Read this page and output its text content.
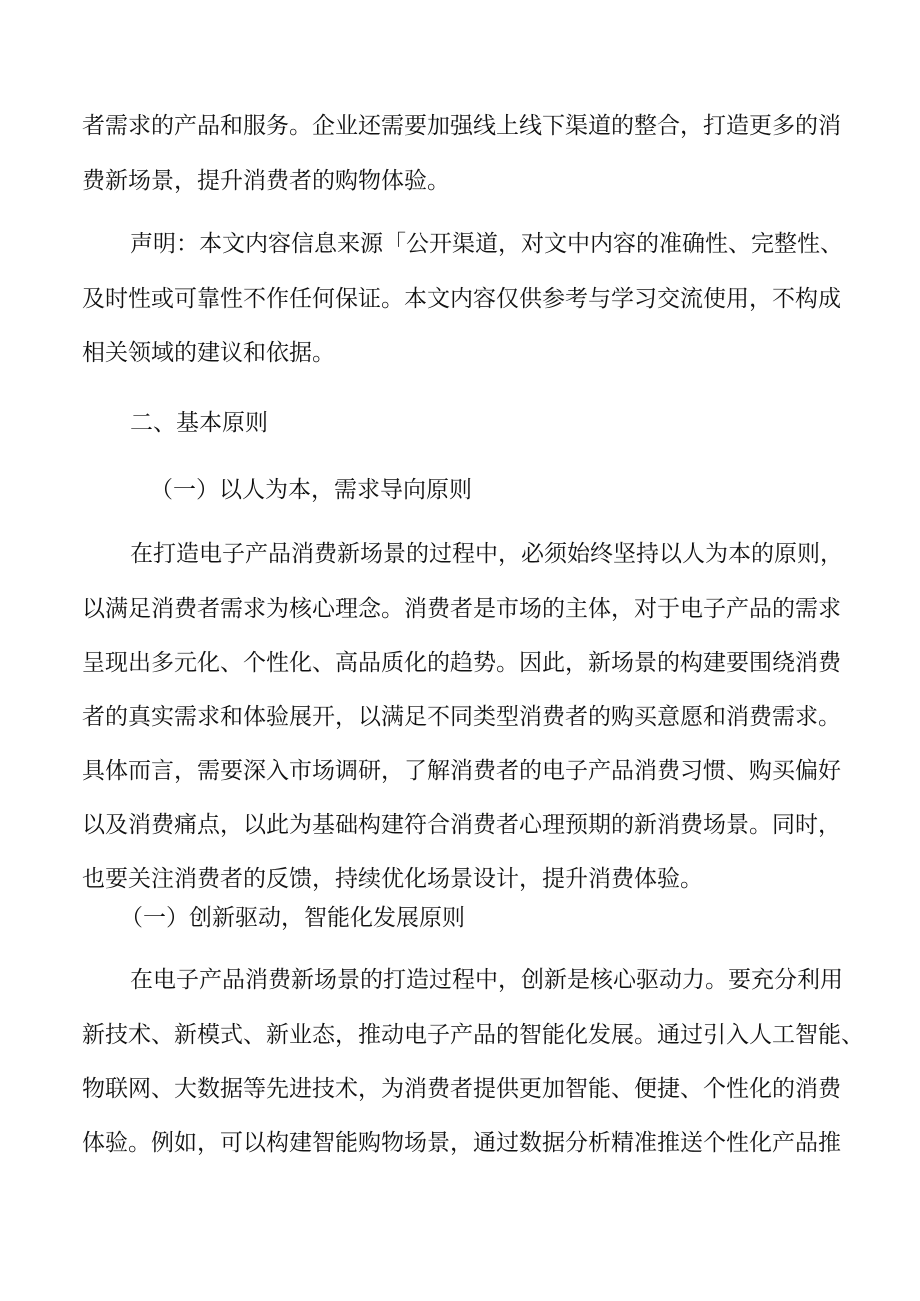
者需求的产品和服务。企业还需要加强线上线下渠道的整合，打造更多的消
费新场景，提升消费者的购物体验。
声明：本文内容信息来源「公开渠道，对文中内容的准确性、完整性、
及时性或可靠性不作任何保证。本文内容仅供参考与学习交流使用，不构成
相关领域的建议和依据。
二、基本原则
（一）以人为本，需求导向原则
在打造电子产品消费新场景的过程中，必须始终坚持以人为本的原则，
以满足消费者需求为核心理念。消费者是市场的主体，对于电子产品的需求
呈现出多元化、个性化、高品质化的趋势。因此，新场景的构建要围绕消费
者的真实需求和体验展开，以满足不同类型消费者的购买意愿和消费需求。
具体而言，需要深入市场调研，了解消费者的电子产品消费习惯、购买偏好
以及消费痛点，以此为基础构建符合消费者心理预期的新消费场景。同时，
也要关注消费者的反馈，持续优化场景设计，提升消费体验。
（一）创新驱动，智能化发展原则
在电子产品消费新场景的打造过程中，创新是核心驱动力。要充分利用
新技术、新模式、新业态，推动电子产品的智能化发展。通过引入人工智能、
物联网、大数据等先进技术，为消费者提供更加智能、便捷、个性化的消费
体验。例如，可以构建智能购物场景，通过数据分析精准推送个性化产品推
